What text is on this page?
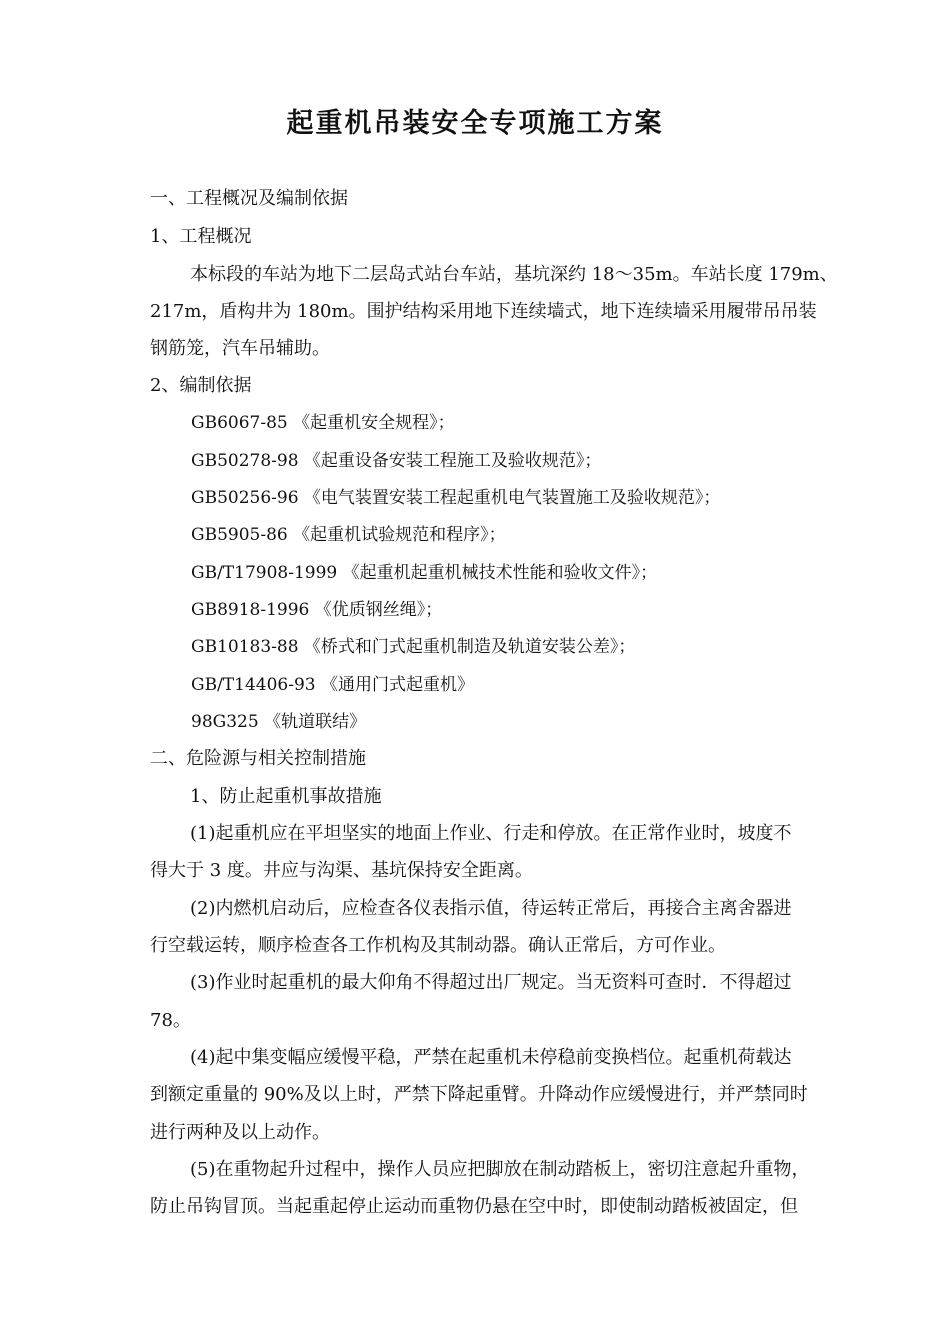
起重机吊装安全专项施工方案
一、工程概况及编制依据
1、工程概况
本标段的车站为地下二层岛式站台车站，基坑深约 18～35m。车站长度 179m、
217m，盾构井为 180m。围护结构采用地下连续墙式，地下连续墙采用履带吊吊装
钢筋笼，汽车吊辅助。
2、编制依据
GB6067-85 《起重机安全规程》；
GB50278-98 《起重设备安装工程施工及验收规范》；
GB50256-96 《电气装置安装工程起重机电气装置施工及验收规范》；
GB5905-86 《起重机试验规范和程序》；
GB/T17908-1999 《起重机起重机械技术性能和验收文件》；
GB8918-1996 《优质钢丝绳》；
GB10183-88 《桥式和门式起重机制造及轨道安装公差》；
GB/T14406-93 《通用门式起重机》
98G325 《轨道联结》
二、危险源与相关控制措施
1、防止起重机事故措施
(1)起重机应在平坦坚实的地面上作业、行走和停放。在正常作业时，坡度不
得大于 3 度。井应与沟渠、基坑保持安全距离。
(2)内燃机启动后，应检查各仪表指示值，待运转正常后，再接合主离舍器进
行空载运转，顺序检查各工作机构及其制动器。确认正常后，方可作业。
(3)作业时起重机的最大仰角不得超过出厂规定。当无资料可查时．不得超过
78。
(4)起中集变幅应缓慢平稳，严禁在起重机未停稳前变换档位。起重机荷载达
到额定重量的 90%及以上时，严禁下降起重臂。升降动作应缓慢进行，并严禁同时
进行两种及以上动作。
(5)在重物起升过程中，操作人员应把脚放在制动踏板上，密切注意起升重物，
防止吊钩冒顶。当起重起停止运动而重物仍悬在空中时，即使制动踏板被固定，但
